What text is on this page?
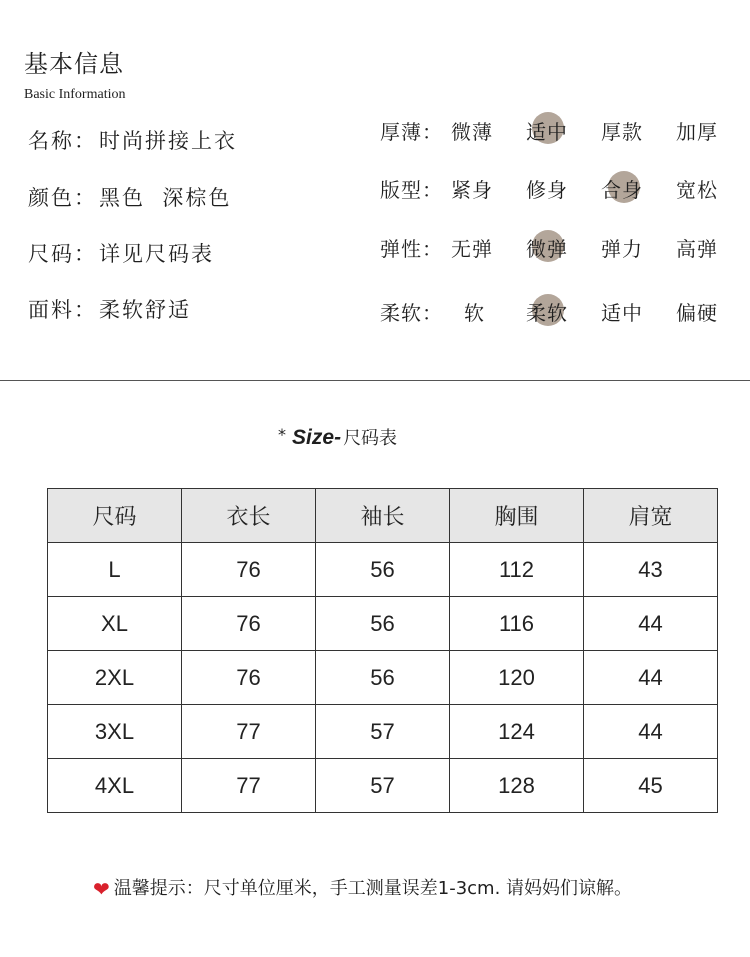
基本信息
Basic Information
名称：时尚拼接上衣
颜色：黑色  深棕色
尺码：详见尺码表
面料：柔软舒适
厚薄： 微薄 适中 厚款 加厚
版型： 紧身 修身 合身 宽松
弹性： 无弹 微弹 弹力 高弹
柔软： 软 柔软 适中 偏硬
* Size- 尺码表
尺码	衣长	袖长	胸围	肩宽
L	76	56	112	43
XL	76	56	116	44
2XL	76	56	120	44
3XL	77	57	124	44
4XL	77	57	128	45
❤ 温馨提示：尺寸单位厘米，手工测量误差1-3cm. 请妈妈们谅解。
